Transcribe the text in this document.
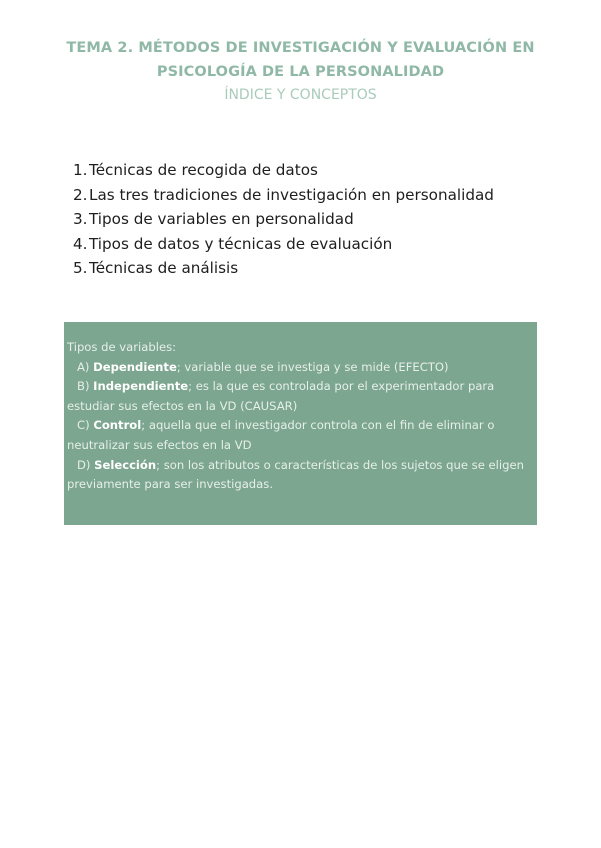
TEMA 2. MÉTODOS DE INVESTIGACIÓN Y EVALUACIÓN EN
PSICOLOGÍA DE LA PERSONALIDAD
ÍNDICE Y CONCEPTOS
1.Técnicas de recogida de datos
2.Las tres tradiciones de investigación en personalidad
3.Tipos de variables en personalidad
4.Tipos de datos y técnicas de evaluación
5.Técnicas de análisis

Tipos de variables:

A) Dependiente; variable que se investiga y se mide (EFECTO)

B) Independiente; es la que es controlada por el experimentador para estudiar sus efectos en la VD (CAUSAR)

C) Control; aquella que el investigador controla con el fin de eliminar o neutralizar sus efectos en la VD

D) Selección; son los atributos o características de los sujetos que se eligen previamente para ser investigadas.
